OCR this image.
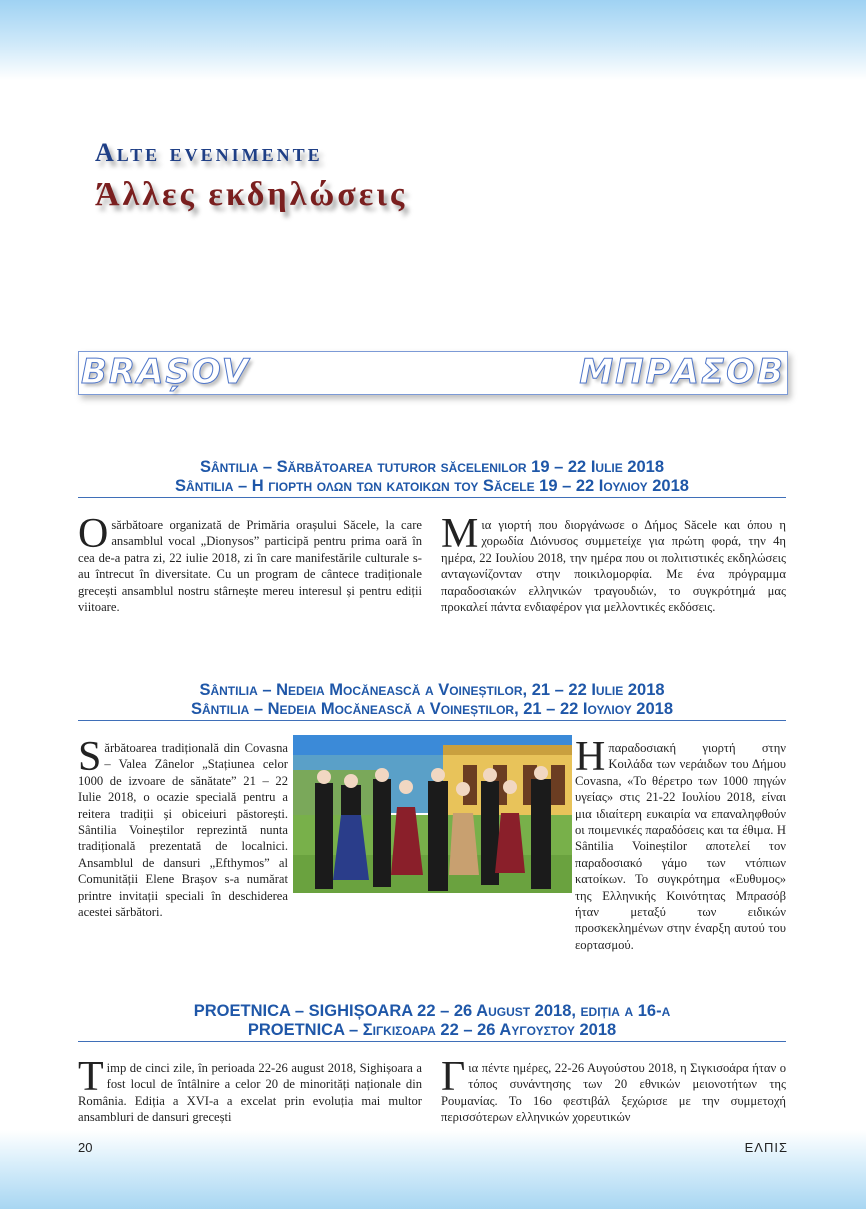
Alte evenimente
Άλλες εκδηλώσεις
BRAȘOV	ΜΠΡΑΣΟΒ
Sântilia – Sărbătoarea tuturor săcelenilor 19 – 22 Iulie 2018
Sântilia – Η γιορτη ολων των κατοικων του Săcele 19 – 22 Ιουλιου 2018
Osărbătoare organizată de Primăria orașului Săcele, la care ansamblul vocal „Dionysos” participă pentru prima oară în cea de-a patra zi, 22 iulie 2018, zi în care manifestările culturale s-au întrecut în diversitate. Cu un program de cântece tradiționale grecești ansamblul nostru stârnește mereu interesul și pentru ediții viitoare.
Μια γιορτή που διοργάνωσε ο Δήμος Săcele και όπου η χορωδία Διόνυσος συμμετείχε για πρώτη φορά, την 4η ημέρα, 22 Ιουλίου 2018, την ημέρα που οι πολιτιστικές εκδηλώσεις ανταγωνίζονταν στην ποικιλομορφία. Με ένα πρόγραμμα παραδοσιακών ελληνικών τραγουδιών, το συγκρότημά μας προκαλεί πάντα ενδιαφέρον για μελλοντικές εκδόσεις.
Sântilia – Nedeia Mocănească a Voineștilor, 21 – 22 Iulie 2018
Sântilia – Nedeia Mocănească a Voineștilor, 21 – 22 Ιουλιου 2018
Sărbătoarea tradițională din Covasna – Valea Zânelor „Stațiunea celor 1000 de izvoare de sănătate” 21 – 22 Iulie 2018, o ocazie specială pentru a reitera tradiții și obiceiuri păstorești. Sântilia Voineștilor reprezintă nunta tradițională prezentată de localnici. Ansamblul de dansuri „Efthymos” al Comunității Elene Brașov s-a numărat printre invitații speciali în deschiderea acestei sărbători.
Ηπαραδοσιακή γιορτή στην Κοιλάδα των νεράιδων του Δήμου Covasna, «Το θέρετρο των 1000 πηγών υγείας» στις 21-22 Ιουλίου 2018, είναι μια ιδιαίτερη ευκαιρία να επαναληφθούν οι ποιμενικές παραδόσεις και τα έθιμα. Η Sântilia Voineștilor αποτελεί τον παραδοσιακό γάμο των ντόπιων κατοίκων. Το συγκρότημα «Ευθυμος» της Ελληνικής Κοινότητας Μπρασόβ ήταν μεταξύ των ειδικών προσκεκλημένων στην έναρξη αυτού του εορτασμού.
PROETNICA – SIGHIȘOARA 22 – 26 August 2018, ediția a 16-a
PROETNICA – Σιγκισοαρα 22 – 26 Αυγουστου 2018
Timp de cinci zile, în perioada 22-26 august 2018, Sighișoara a fost locul de întâlnire a celor 20 de minorități naționale din România. Ediția a XVI-a a excelat prin evoluția mai multor ansambluri de dansuri grecești
Για πέντε ημέρες, 22-26 Αυγούστου 2018, η Σιγκισοάρα ήταν ο τόπος συνάντησης των 20 εθνικών μειονοτήτων της Ρουμανίας. Το 16ο φεστιβάλ ξεχώρισε με την συμμετοχή περισσότερων ελληνικών χορευτικών
20	ΕΛΠΙΣ
